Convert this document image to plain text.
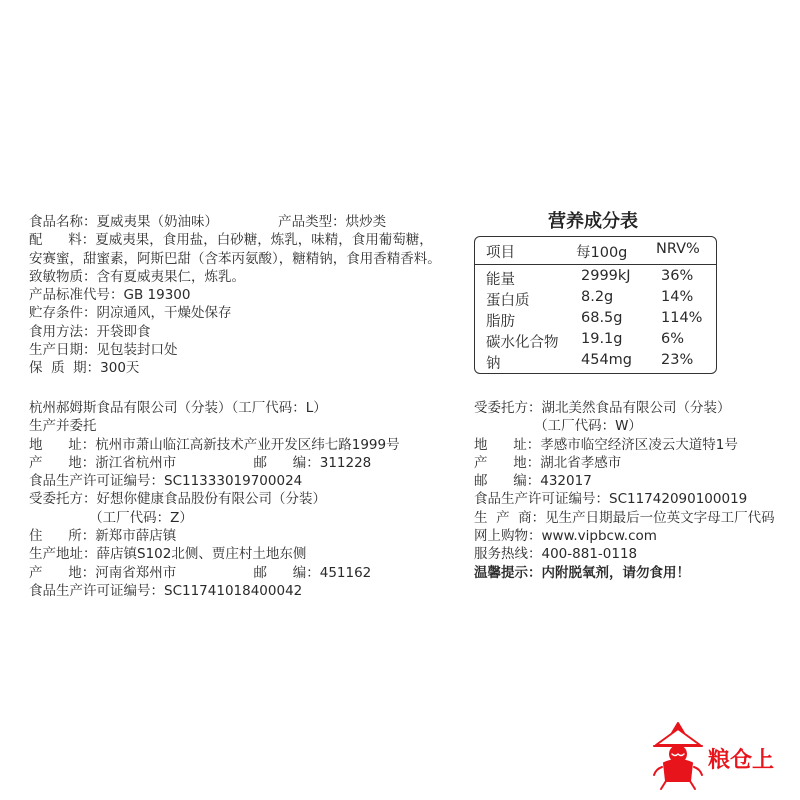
食品名称：夏威夷果（奶油味）              产品类型：烘炒类
配      料：夏威夷果，食用盐，白砂糖，炼乳，味精，食用葡萄糖，
安赛蜜，甜蜜素，阿斯巴甜（含苯丙氨酸），糖精钠，食用香精香料。
致敏物质：含有夏威夷果仁，炼乳。
产品标准代号：GB 19300
贮存条件：阴凉通风，干燥处保存
食用方法：开袋即食
生产日期：见包装封口处
保  质  期：300天
营养成分表
项目	每100g NRV%
能量	2999kJ 36%
蛋白质	8.2g	14%
脂肪	68.5g	114%
碳水化合物 19.1g	6%
钠	454mg 23%
杭州郝姆斯食品有限公司（分装）（工厂代码：L）
生产并委托
地      址：杭州市萧山临江高新技术产业开发区纬七路1999号
产      地：浙江省杭州市                  邮      编：311228
食品生产许可证编号：SC11333019700024
受委托方：好想你健康食品股份有限公司（分装）
（工厂代码：Z）
住      所：新郑市薛店镇
生产地址：薛店镇S102北侧、贾庄村土地东侧
产      地：河南省郑州市                  邮      编：451162
食品生产许可证编号：SC11741018400042
受委托方：湖北美然食品有限公司（分装）
（工厂代码：W）
地      址：孝感市临空经济区凌云大道特1号
产      地：湖北省孝感市
邮      编：432017
食品生产许可证编号：SC11742090100019
生  产  商：见生产日期最后一位英文字母工厂代码
网上购物：www.vipbcw.com
服务热线：400-881-0118
温馨提示：内附脱氧剂，请勿食用！
粮仓上
